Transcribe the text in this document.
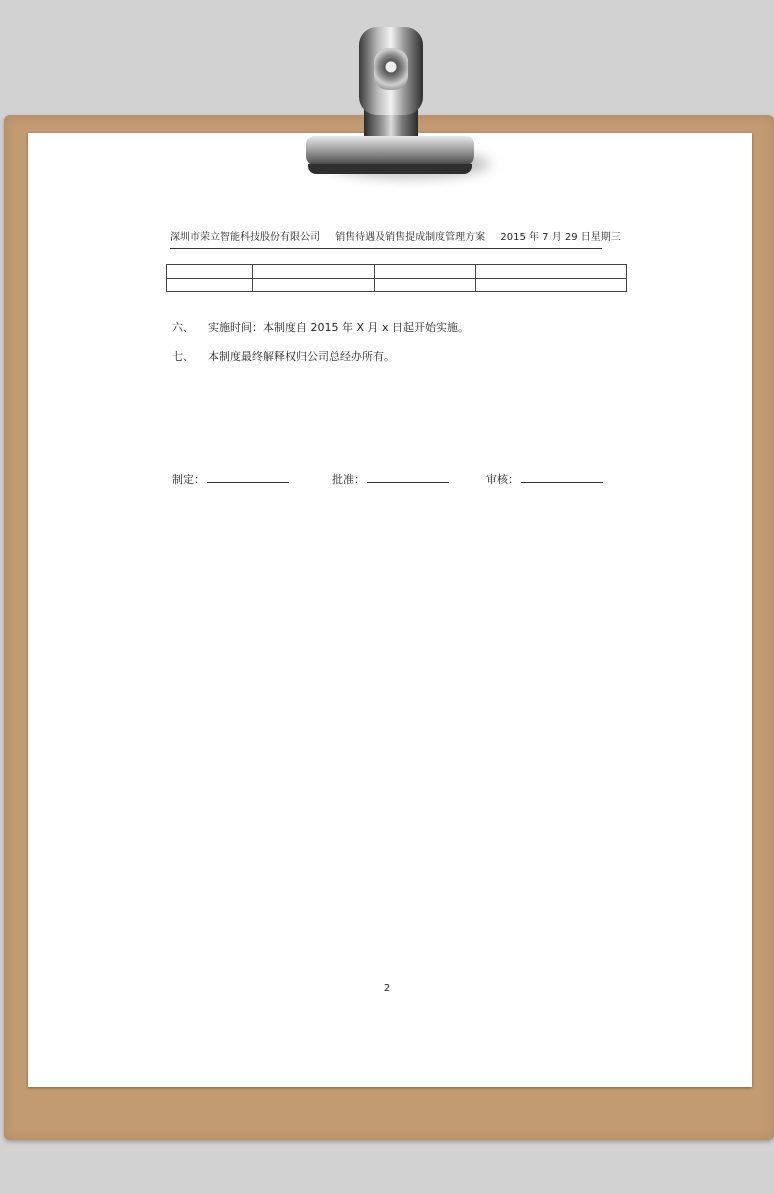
深圳市荣立智能科技股份有限公司 销售待遇及销售提成制度管理方案 2015 年 7 月 29 日星期三

六、 实施时间：本制度自 2015 年 X 月 x 日起开始实施。
七、 本制度最终解释权归公司总经办所有。
制定：	批准：	审核：
2
